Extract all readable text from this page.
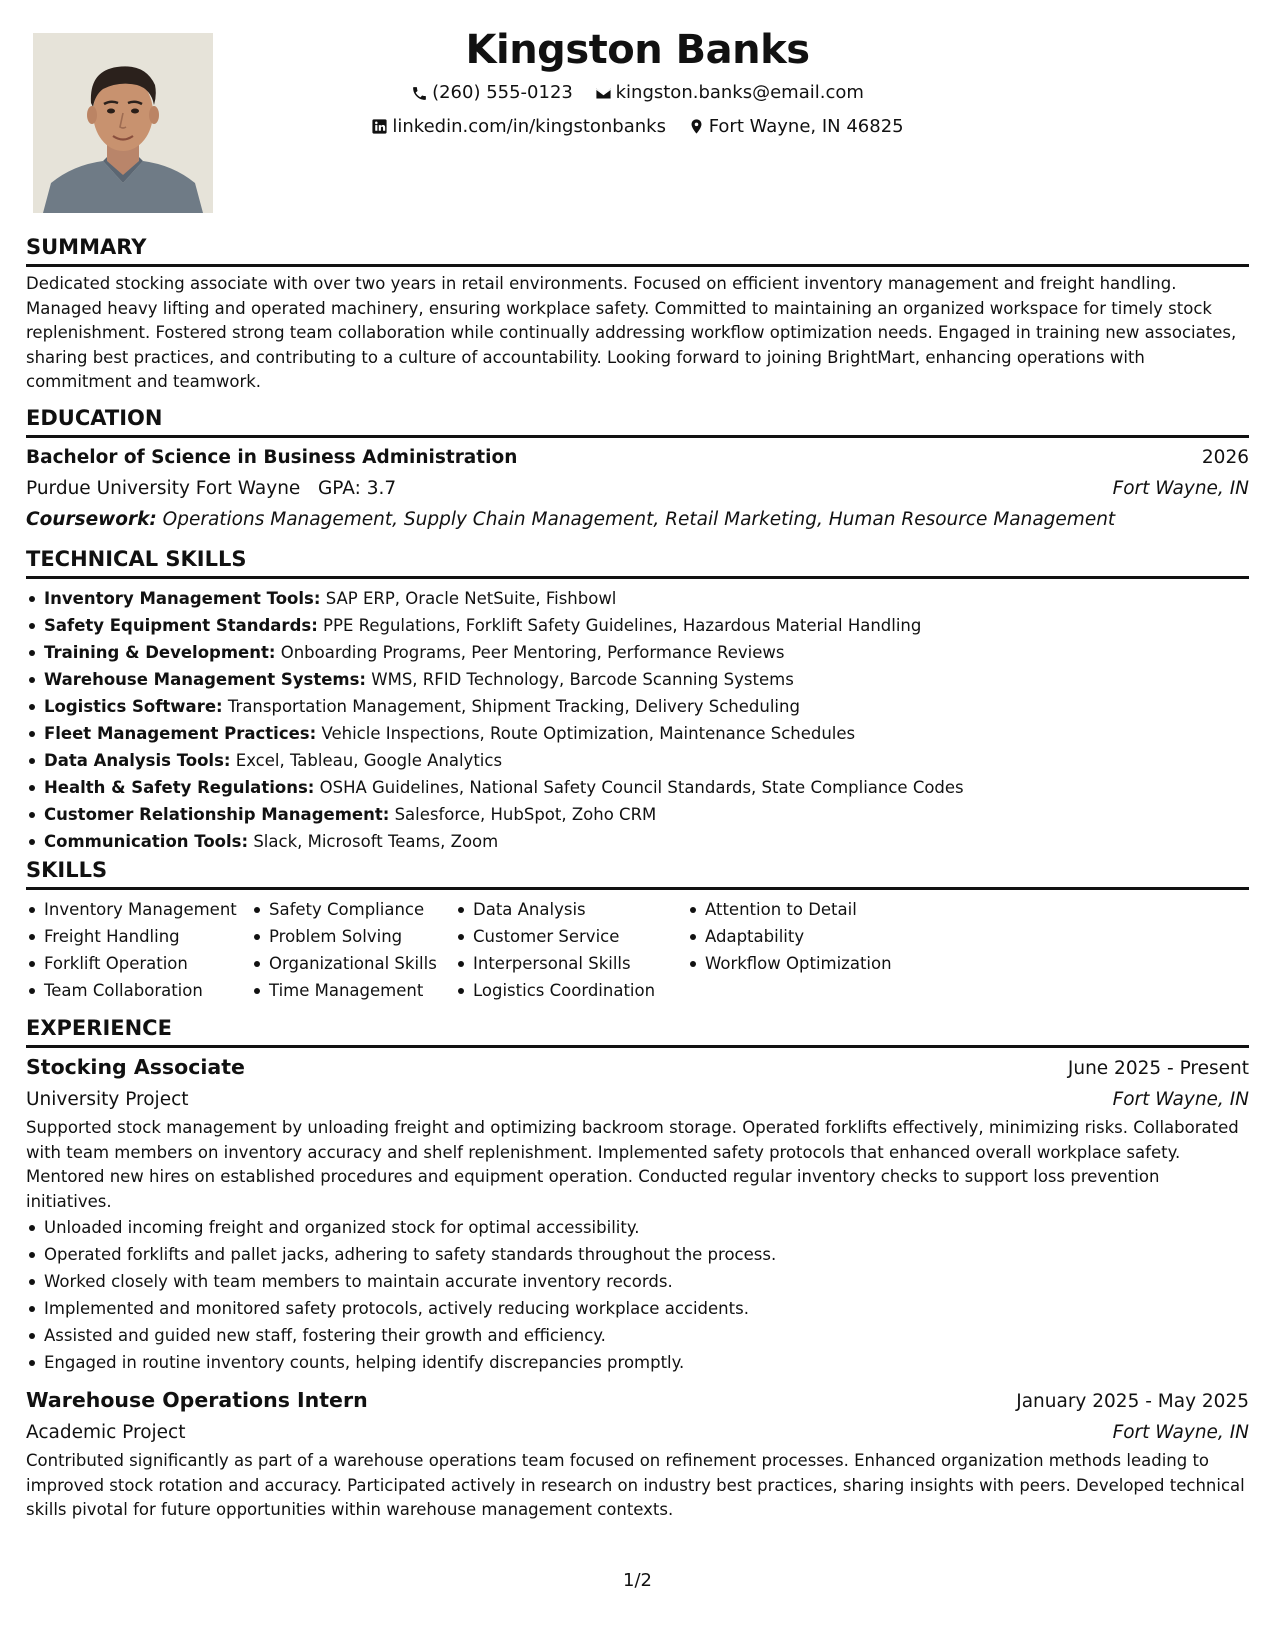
Kingston Banks
(260) 555-0123
kingston.banks@email.com
linkedin.com/in/kingstonbanks
Fort Wayne, IN 46825
SUMMARY
Dedicated stocking associate with over two years in retail environments. Focused on efficient inventory management and freight handling. Managed heavy lifting and operated machinery, ensuring workplace safety. Committed to maintaining an organized workspace for timely stock replenishment. Fostered strong team collaboration while continually addressing workflow optimization needs. Engaged in training new associates, sharing best practices, and contributing to a culture of accountability. Looking forward to joining BrightMart, enhancing operations with commitment and teamwork.
EDUCATION
Bachelor of Science in Business Administration	2026
Purdue University Fort Wayne GPA: 3.7	Fort Wayne, IN
Coursework: Operations Management, Supply Chain Management, Retail Marketing, Human Resource Management
TECHNICAL SKILLS
Inventory Management Tools: SAP ERP, Oracle NetSuite, Fishbowl
Safety Equipment Standards: PPE Regulations, Forklift Safety Guidelines, Hazardous Material Handling
Training & Development: Onboarding Programs, Peer Mentoring, Performance Reviews
Warehouse Management Systems: WMS, RFID Technology, Barcode Scanning Systems
Logistics Software: Transportation Management, Shipment Tracking, Delivery Scheduling
Fleet Management Practices: Vehicle Inspections, Route Optimization, Maintenance Schedules
Data Analysis Tools: Excel, Tableau, Google Analytics
Health & Safety Regulations: OSHA Guidelines, National Safety Council Standards, State Compliance Codes
Customer Relationship Management: Salesforce, HubSpot, Zoho CRM
Communication Tools: Slack, Microsoft Teams, Zoom
SKILLS
Inventory Management
Freight Handling
Forklift Operation
Team Collaboration
Safety Compliance
Problem Solving
Organizational Skills
Time Management
Data Analysis
Customer Service
Interpersonal Skills
Logistics Coordination
Attention to Detail
Adaptability
Workflow Optimization
EXPERIENCE
Stocking Associate	June 2025 - Present
University Project	Fort Wayne, IN
Supported stock management by unloading freight and optimizing backroom storage. Operated forklifts effectively, minimizing risks. Collaborated with team members on inventory accuracy and shelf replenishment. Implemented safety protocols that enhanced overall workplace safety. Mentored new hires on established procedures and equipment operation. Conducted regular inventory checks to support loss prevention initiatives.
Unloaded incoming freight and organized stock for optimal accessibility.
Operated forklifts and pallet jacks, adhering to safety standards throughout the process.
Worked closely with team members to maintain accurate inventory records.
Implemented and monitored safety protocols, actively reducing workplace accidents.
Assisted and guided new staff, fostering their growth and efficiency.
Engaged in routine inventory counts, helping identify discrepancies promptly.
Warehouse Operations Intern	January 2025 - May 2025
Academic Project	Fort Wayne, IN
Contributed significantly as part of a warehouse operations team focused on refinement processes. Enhanced organization methods leading to improved stock rotation and accuracy. Participated actively in research on industry best practices, sharing insights with peers. Developed technical skills pivotal for future opportunities within warehouse management contexts.
1/2
